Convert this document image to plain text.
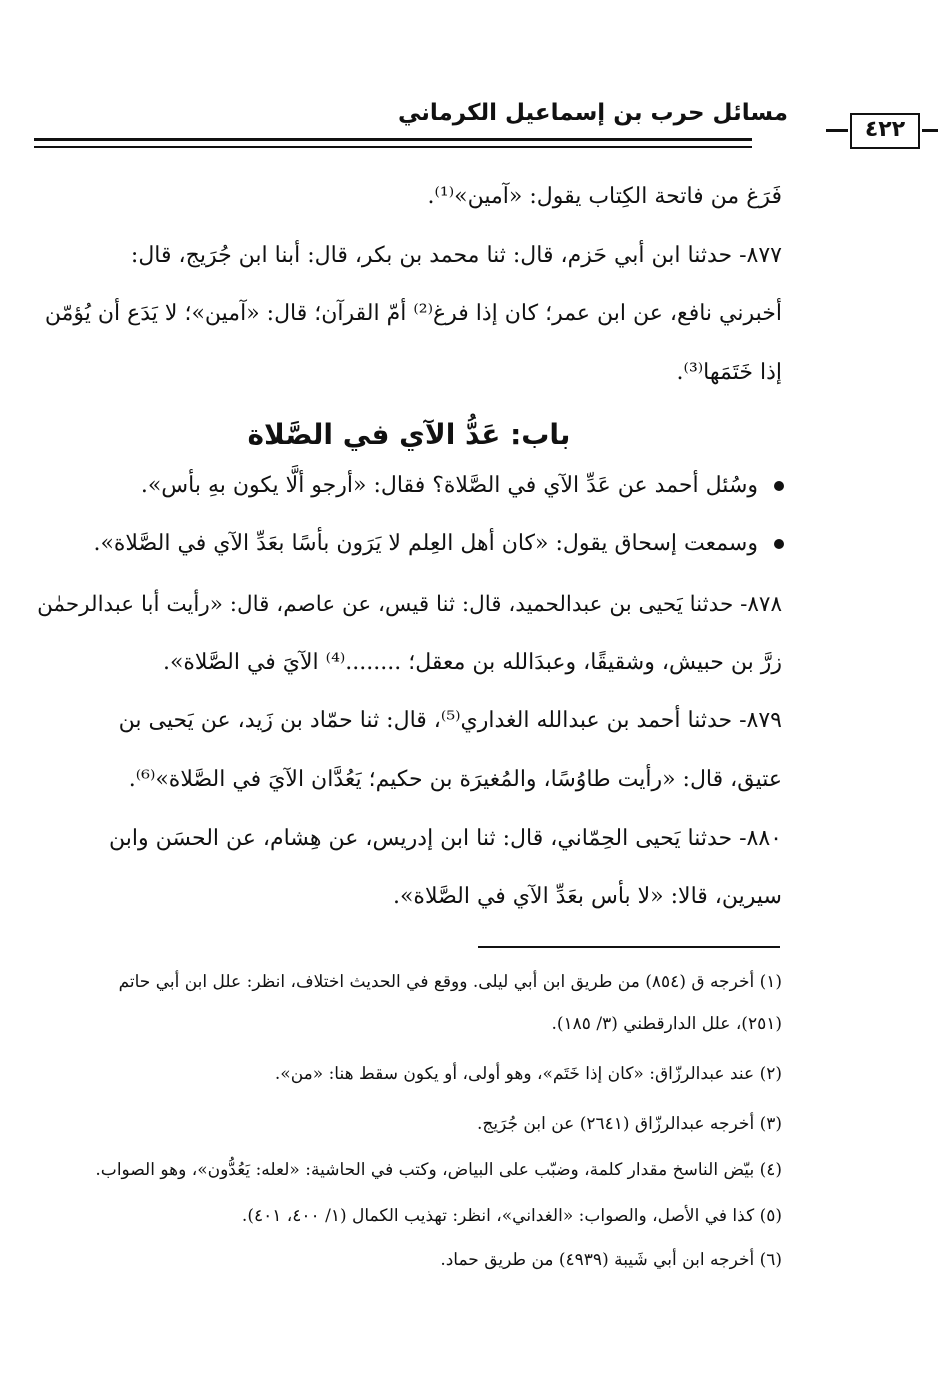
مسائل حرب بن إسماعيل الكرماني
٤٢٢
فَرَغ من فاتحة الكِتاب يقول: «آمين»⁽¹⁾.
٨٧٧- حدثنا ابن أبي حَزم، قال: ثنا محمد بن بكر، قال: أبنا ابن جُرَيج، قال:
أخبرني نافع، عن ابن عمر؛ كان إذا فرغ⁽²⁾ أمّ القرآن؛ قال: «آمين»؛ لا يَدَع أن يُؤمّن
إذا خَتَمَها⁽³⁾.
باب: عَدُّ الآي في الصَّلاة
وسُئل أحمد عن عَدِّ الآي في الصَّلاة؟ فقال: «أرجو ألَّا يكون بهِ بأس».
وسمعت إسحاق يقول: «كان أهل العِلم لا يَرَون بأسًا بعَدِّ الآي في الصَّلاة».
٨٧٨- حدثنا يَحيى بن عبدالحميد، قال: ثنا قيس، عن عاصم، قال: «رأيت أبا عبدالرحمٰن
زرَّ بن حبيش، وشقيقًا، وعبدَالله بن معقل؛ ........⁽⁴⁾ الآيَ في الصَّلاة».
٨٧٩- حدثنا أحمد بن عبدالله الغداري⁽⁵⁾، قال: ثنا حمّاد بن زَيد، عن يَحيى بن
عتيق، قال: «رأيت طاوُسًا، والمُغيرَة بن حكيم؛ يَعُدَّان الآيَ في الصَّلاة»⁽⁶⁾.
٨٨٠- حدثنا يَحيى الحِمّاني، قال: ثنا ابن إدريس، عن هِشام، عن الحسَن وابن
سيرين، قالا: «لا بأس بعَدِّ الآي في الصَّلاة».
(١) أخرجه ق (٨٥٤) من طريق ابن أبي ليلى. ووقع في الحديث اختلاف، انظر: علل ابن أبي حاتم
(٢٥١)، علل الدارقطني (٣/ ١٨٥).
(٢) عند عبدالرزّاق: «كان إذا خَتَم»، وهو أولى، أو يكون سقط هنا: «من».
(٣) أخرجه عبدالرزّاق (٢٦٤١) عن ابن جُرَيج.
(٤) بيّض الناسخ مقدار كلمة، وضبّب على البياض، وكتب في الحاشية: «لعله: يَعُدُّون»، وهو الصواب.
(٥) كذا في الأصل، والصواب: «الغداني»، انظر: تهذيب الكمال (١/ ٤٠٠، ٤٠١).
(٦) أخرجه ابن أبي شَيبة (٤٩٣٩) من طريق حماد.
